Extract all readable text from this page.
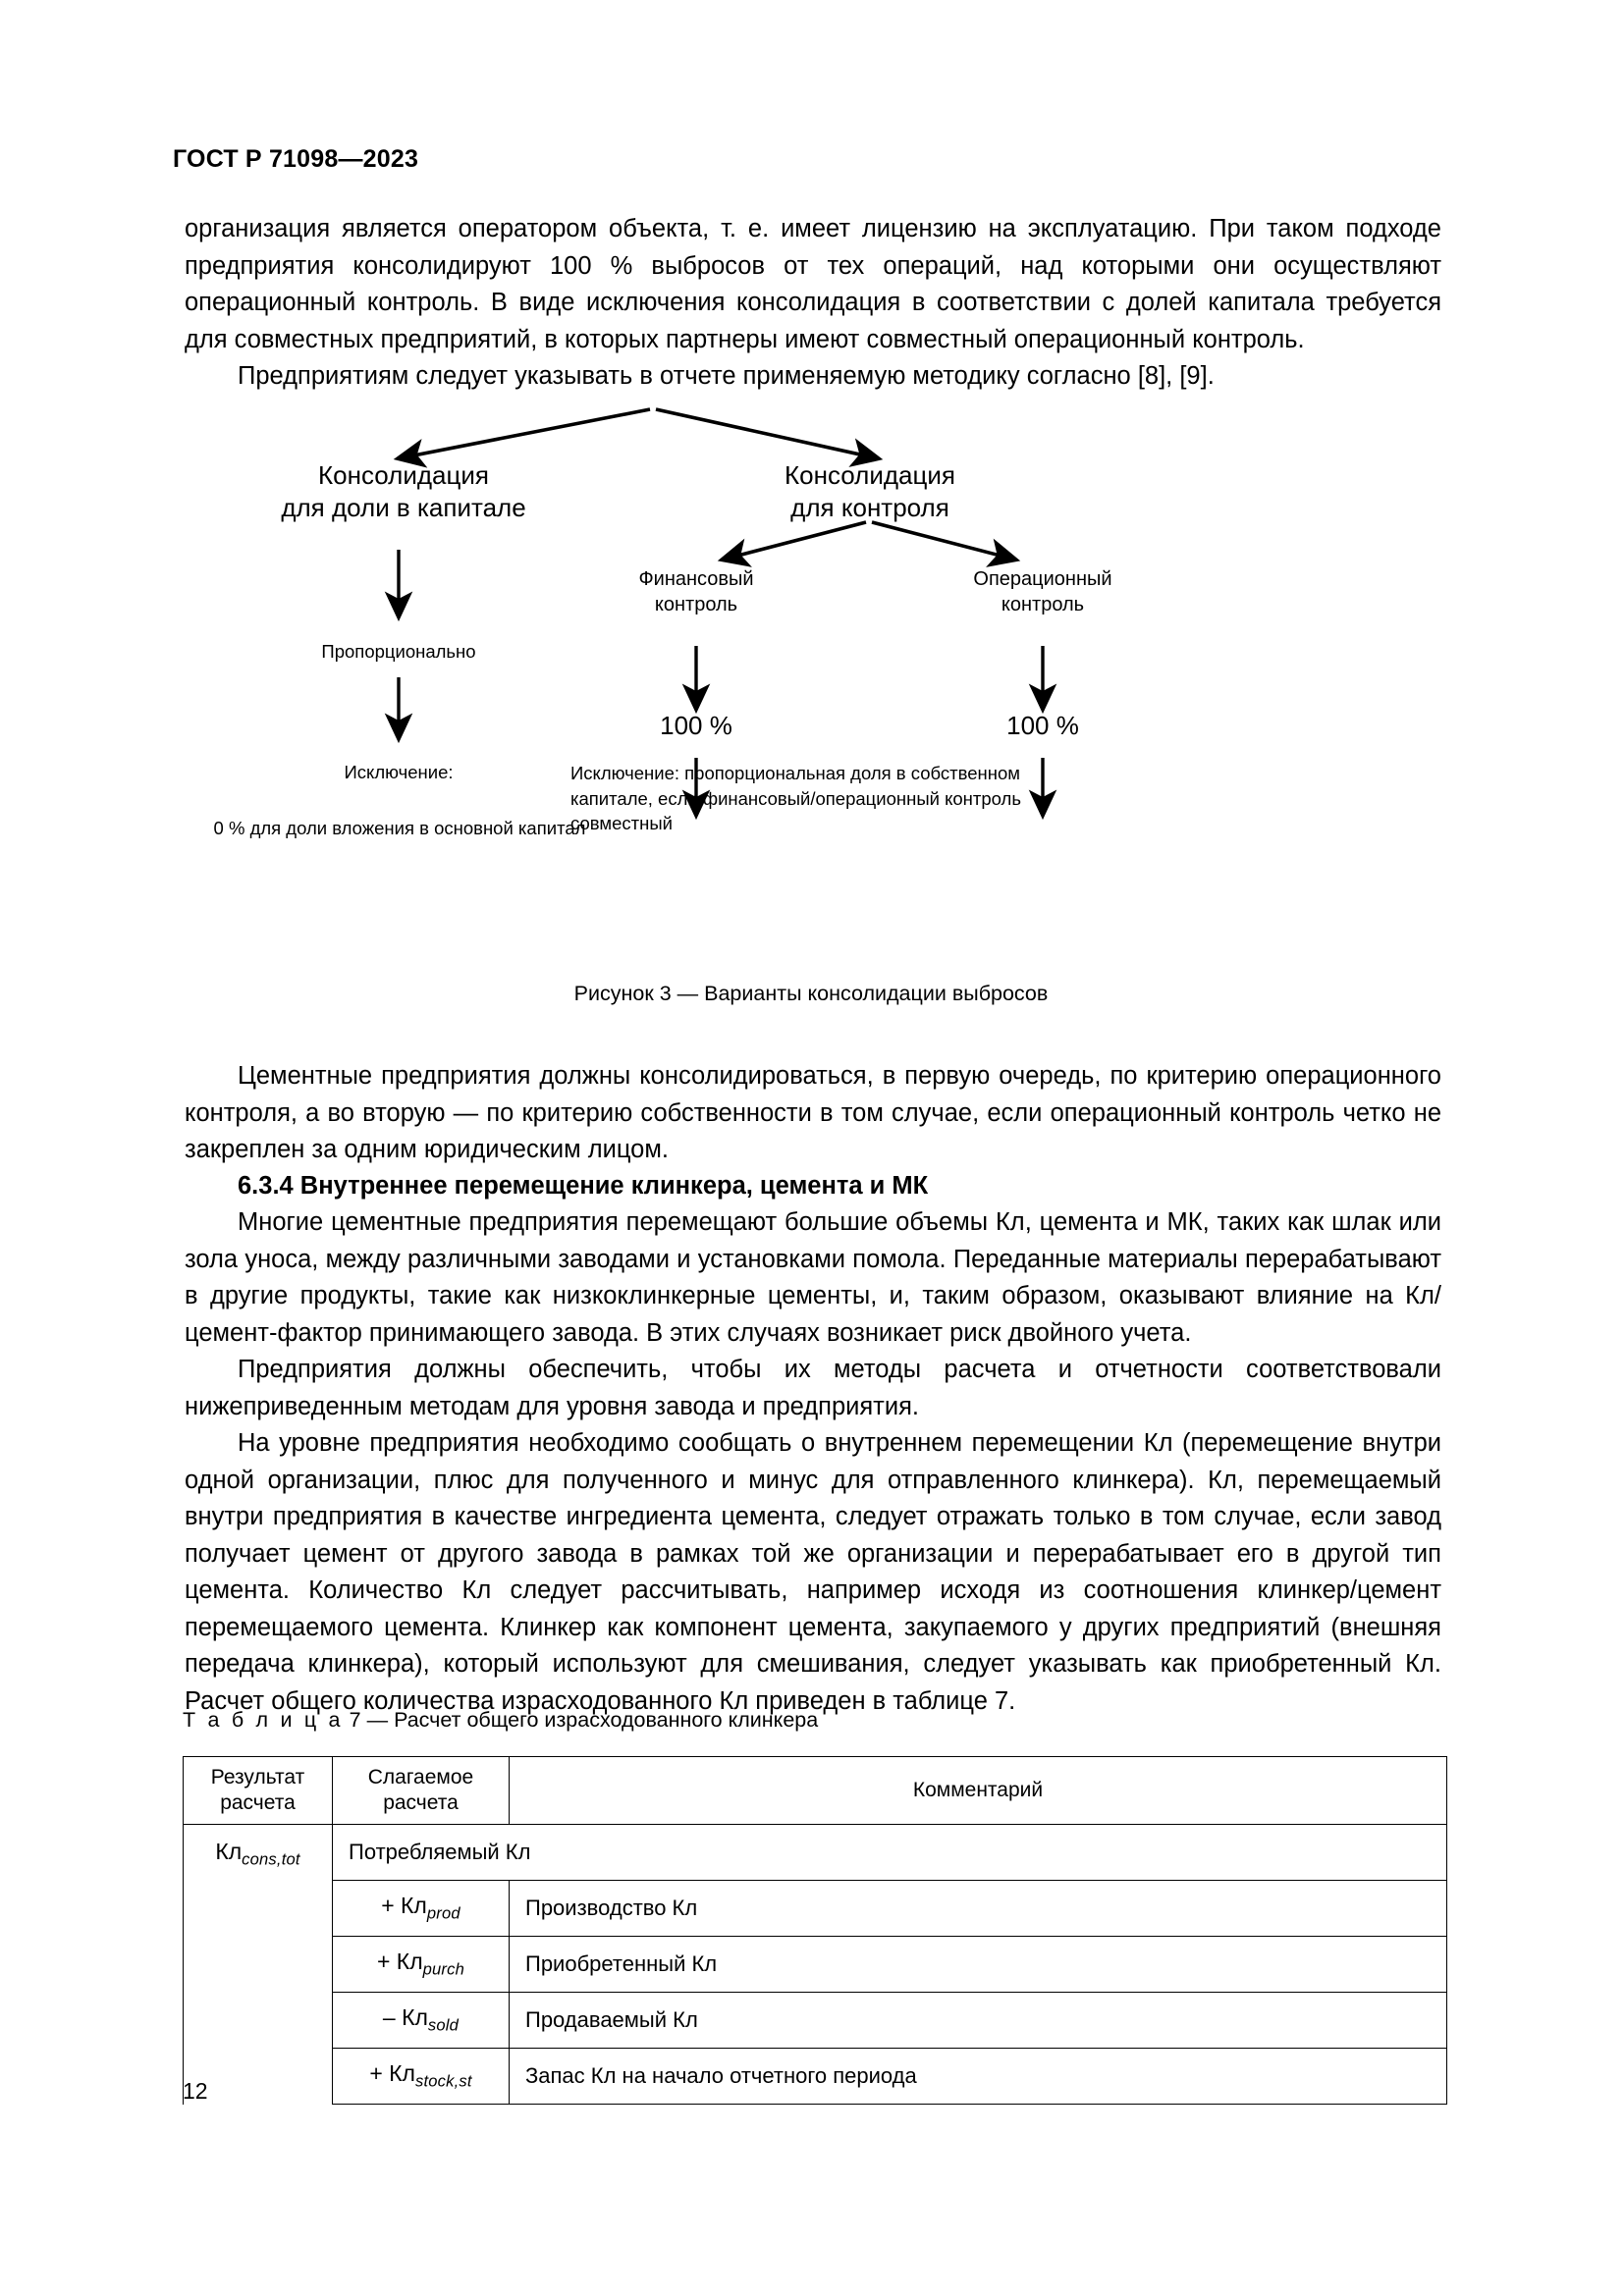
ГОСТ Р 71098—2023

организация является оператором объекта, т. е. имеет лицензию на эксплуатацию. При таком подходе предприятия консолидируют 100 % выбросов от тех операций, над которыми они осуществляют операционный контроль. В виде исключения консолидация в соответствии с долей капитала требуется для совместных предприятий, в которых партнеры имеют совместный операционный контроль.

Предприятиям следует указывать в отчете применяемую методику согласно [8], [9].

Консолидация
для доли в капитале
Консолидация
для контроля
Финансовый
контроль
Операционный
контроль
Пропорционально
100 %	100 %
Исключение:
0 % для доли вложения в основной капитал
Исключение: пропорциональная доля в собственном
капитале, если финансовый/операционный контроль
совместный
Рисунок 3 — Варианты консолидации выбросов

Цементные предприятия должны консолидироваться, в первую очередь, по критерию операционного контроля, а во вторую — по критерию собственности в том случае, если операционный контроль четко не закреплен за одним юридическим лицом.

6.3.4 Внутреннее перемещение клинкера, цемента и МК

Многие цементные предприятия перемещают большие объемы Кл, цемента и МК, таких как шлак или зола уноса, между различными заводами и установками помола. Переданные материалы перерабатывают в другие продукты, такие как низкоклинкерные цементы, и, таким образом, оказывают влияние на Кл/цемент-фактор принимающего завода. В этих случаях возникает риск двойного учета.

Предприятия должны обеспечить, чтобы их методы расчета и отчетности соответствовали нижеприведенным методам для уровня завода и предприятия.

На уровне предприятия необходимо сообщать о внутреннем перемещении Кл (перемещение внутри одной организации, плюс для полученного и минус для отправленного клинкера). Кл, перемещаемый внутри предприятия в качестве ингредиента цемента, следует отражать только в том случае, если завод получает цемент от другого завода в рамках той же организации и перерабатывает его в другой тип цемента. Количество Кл следует рассчитывать, например исходя из соотношения клинкер/цемент перемещаемого цемента. Клинкер как компонент цемента, закупаемого у других предприятий (внешняя передача клинкера), который используют для смешивания, следует указывать как приобретенный Кл. Расчет общего количества израсходованного Кл приведен в таблице 7.

Т а б л и ц а 7 — Расчет общего израсходованного клинкера
Результат
расчета	Слагаемое
расчета	Комментарий
$Кл_{cons,tot}$	Потребляемый Кл	
	+ $Кл_{prod}$	Производство Кл
	+ $Кл_{purch}$	Приобретенный Кл
	– $Кл_{sold}$	Продаваемый Кл
	+ $Кл_{stock,st}$	Запас Кл на начало отчетного периода
12
